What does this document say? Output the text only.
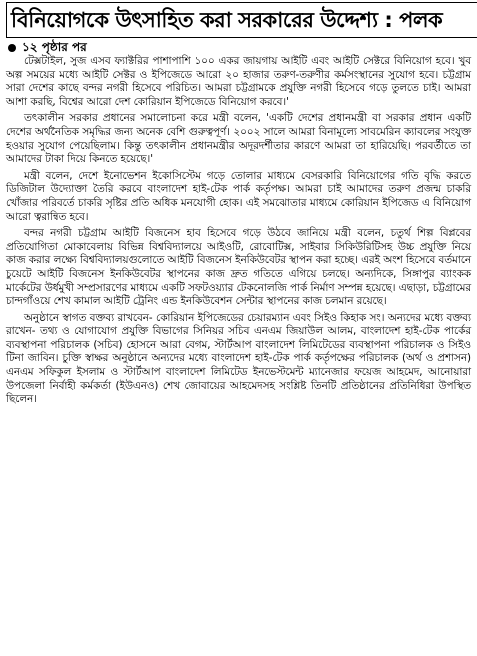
বিনিয়োগকে উৎসাহিত করা সরকারের উদ্দেশ্য : পলক
১২ পৃষ্ঠার পর

টেক্সটাইল, সুজ এসব ফ্যাক্টরির পাশাপাশি ১০০ একর জায়গায় আইটি এবং আইটি সেক্টরে বিনিয়োগ হবে। খুব অল্প সময়ের মধ্যে আইটি সেক্টর ও ইপিজেডে আরো ২০ হাজার তরুণ-তরুণীর কর্মসংস্থানের সুযোগ হবে। চট্টগ্রাম সারা দেশের কাছে বন্দর নগরী হিসেবে পরিচিত। আমরা চট্টগ্রামকে প্রযুক্তি নগরী হিসেবে গড়ে তুলতে চাই। আমরা আশা করছি, বিশ্বের আরো দেশ কোরিয়ান ইপিজেডে বিনিয়োগ করবে।'

তৎকালীন সরকার প্রধানের সমালোচনা করে মন্ত্রী বলেন, 'একটি দেশের প্রধানমন্ত্রী বা সরকার প্রধান একটি দেশের অর্থনৈতিক সমৃদ্ধির জন্য অনেক বেশি গুরুত্বপূর্ণ। ২০০২ সালে আমরা বিনামূল্যে সাবমেরিন ক্যাবলের সংযুক্ত হওয়ার সুযোগ পেয়েছিলাম। কিন্তু তৎকালীন প্রধানমন্ত্রীর অদূরদর্শীতার কারণে আমরা তা হারিয়েছি। পরবর্তীতে তা আমাদের টাকা দিয়ে কিনতে হয়েছে।'

মন্ত্রী বলেন, দেশে ইনোভেশন ইকোসিস্টেম গড়ে তোলার মাধ্যমে বেসরকারি বিনিয়োগের গতি বৃদ্ধি করতে ডিজিটাল উদ্যোক্তা তৈরি করবে বাংলাদেশ হাই-টেক পার্ক কর্তৃপক্ষ। আমরা চাই আমাদের তরুণ প্রজন্ম চাকরি খোঁজার পরিবর্তে চাকরি সৃষ্টির প্রতি অধিক মনযোগী হোক। এই সমঝোতার মাধ্যমে কোরিয়ান ইপিজেড এ বিনিয়োগ আরো ত্বরান্বিত হবে।

বন্দর নগরী চট্টগ্রাম আইটি বিজনেস হাব হিসেবে গড়ে উঠবে জানিয়ে মন্ত্রী বলেন, চতুর্থ শিল্প বিপ্লবের প্রতিযোগিতা মোকাবেলায় বিভিন্ন বিশ্ববিদ্যালয়ে আইওটি, রোবোটিক্স, সাইবার সিকিউরিটিসহ উচ্চ প্রযুক্তি নিয়ে কাজ করার লক্ষ্যে বিশ্ববিদ্যালয়গুলোতে আইটি বিজনেস ইনকিউবেটর স্থাপন করা হচ্ছে। এরই অংশ হিসেবে বর্তমানে চুয়েটে আইটি বিজনেস ইনকিউবেটর স্থাপনের কাজ দ্রুত গতিতে এগিয়ে চলছে। অন্যদিকে, সিঙ্গাপুর ব্যাংকক মার্কেটের উর্ধমুখী সম্প্রসারণের মাধ্যমে একটি সফটওয়্যার টেকনোলজি পার্ক নির্মাণ সম্পন্ন হয়েছে। এছাড়া, চট্টগ্রামের চান্দগাঁওয়ে শেখ কামাল আইটি ট্রেনিং এন্ড ইনকিউবেশন সেন্টার স্থাপনের কাজ চলমান রয়েছে।

অনুষ্ঠানে স্বাগত বক্তব্য রাখবেন- কোরিয়ান ইপিজেডের চেয়ারম্যান এবং সিইও কিহাক সং। অন্যদের মধ্যে বক্তব্য রাখেন- তথ্য ও যোগাযোগ প্রযুক্তি বিভাগের সিনিয়র সচিব এনএম জিয়াউল আলম, বাংলাদেশ হাই-টেক পার্কের ব্যবস্থাপনা পরিচালক (সচিব) হোসনে আরা বেগম, স্টার্টআপ বাংলাদেশ লিমিটেডের ব্যবস্থাপনা পরিচালক ও সিইও টিনা জাবিন। চুক্তি স্বাক্ষর অনুষ্ঠানে অন্যদের মধ্যে বাংলাদেশ হাই-টেক পার্ক কর্তৃপক্ষের পরিচালক (অর্থ ও প্রশাসন) এনএম সফিকুল ইসলাম ও স্টার্টআপ বাংলাদেশ লিমিটেড ইনভেস্টমেন্ট ম্যানেজার ফয়েজ আহমেদ, আনোয়ারা উপজেলা নির্বাহী কর্মকর্তা (ইউএনও) শেখ জোবায়ের আহমেদসহ সংশ্লিষ্ট তিনটি প্রতিষ্ঠানের প্রতিনিধিরা উপস্থিত ছিলেন।
